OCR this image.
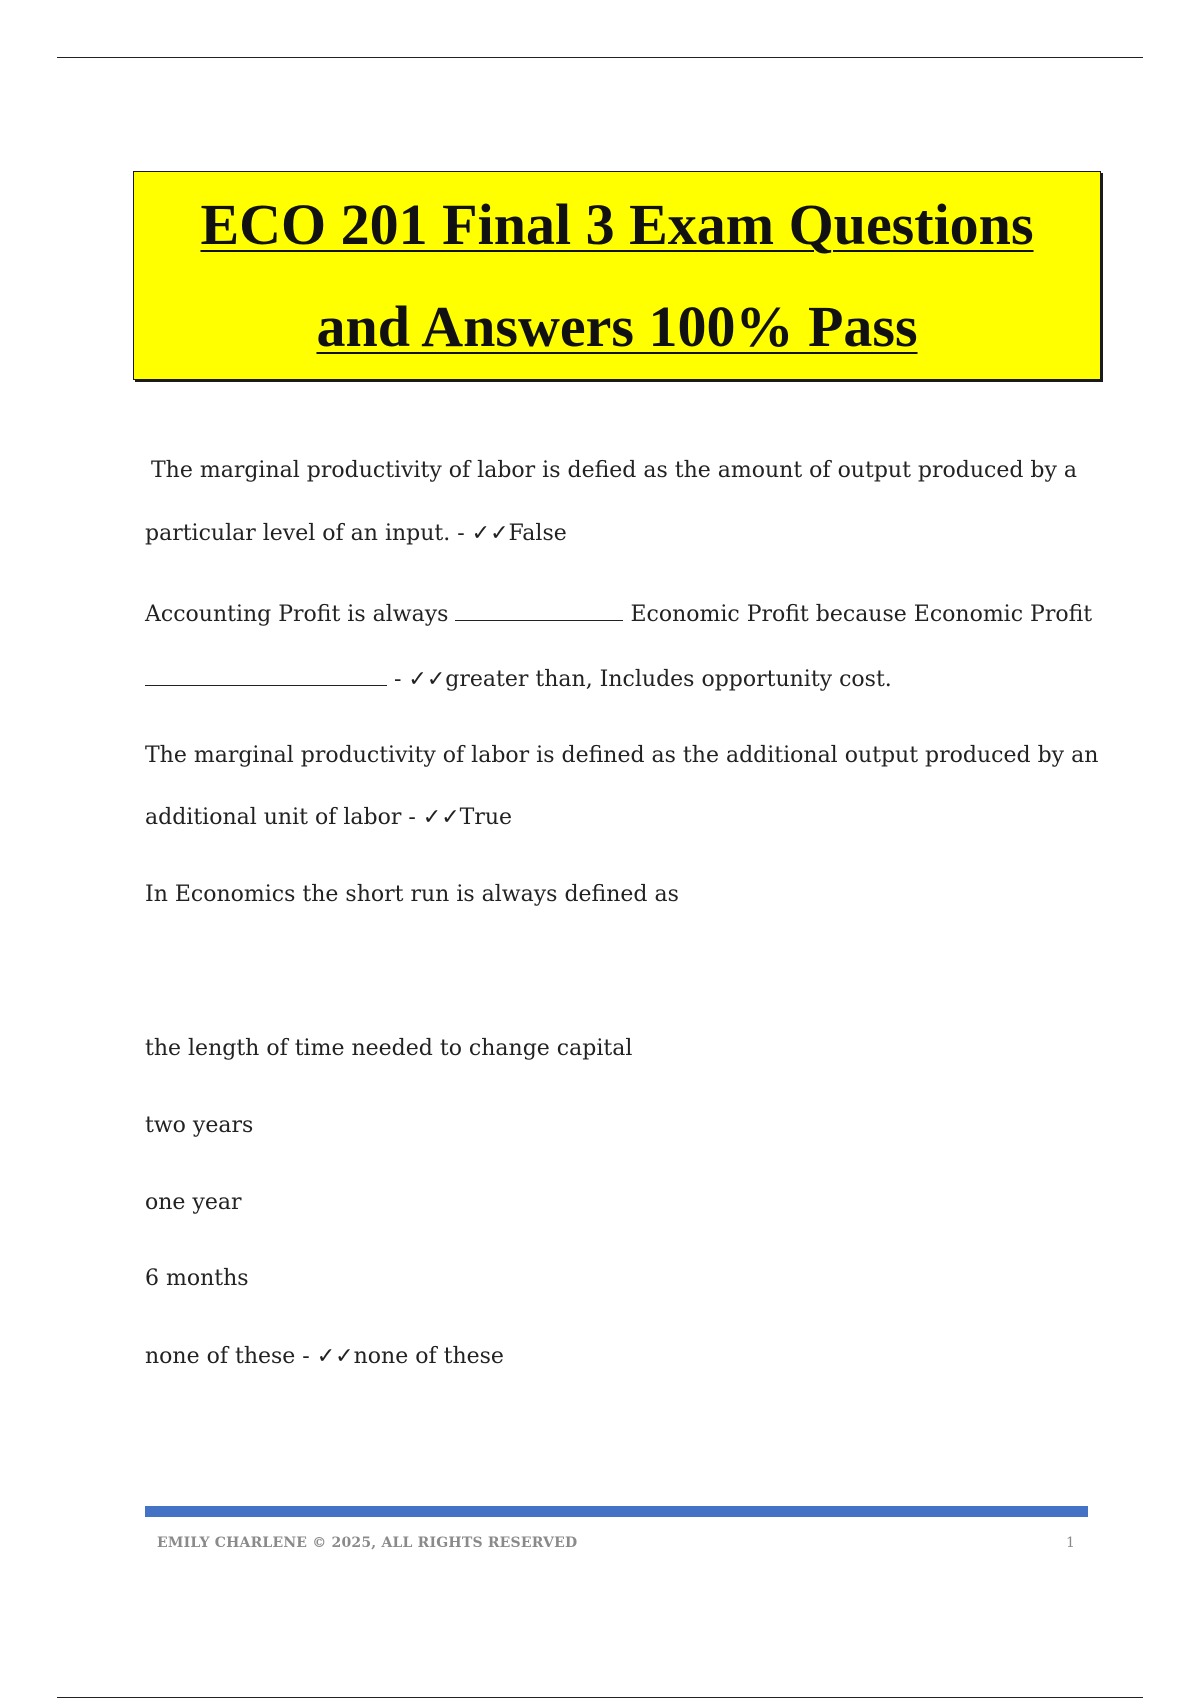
ECO 201 Final 3 Exam Questions
and Answers 100% Pass
The marginal productivity of labor is defied as the amount of output produced by a
particular level of an input. - ✓✓False
Accounting Profit is always	Economic Profit because Economic Profit
- ✓✓greater than, Includes opportunity cost.
The marginal productivity of labor is defined as the additional output produced by an
additional unit of labor - ✓✓True
In Economics the short run is always defined as
the length of time needed to change capital
two years
one year
6 months
none of these - ✓✓none of these
EMILY CHARLENE © 2025, ALL RIGHTS RESERVED	1
